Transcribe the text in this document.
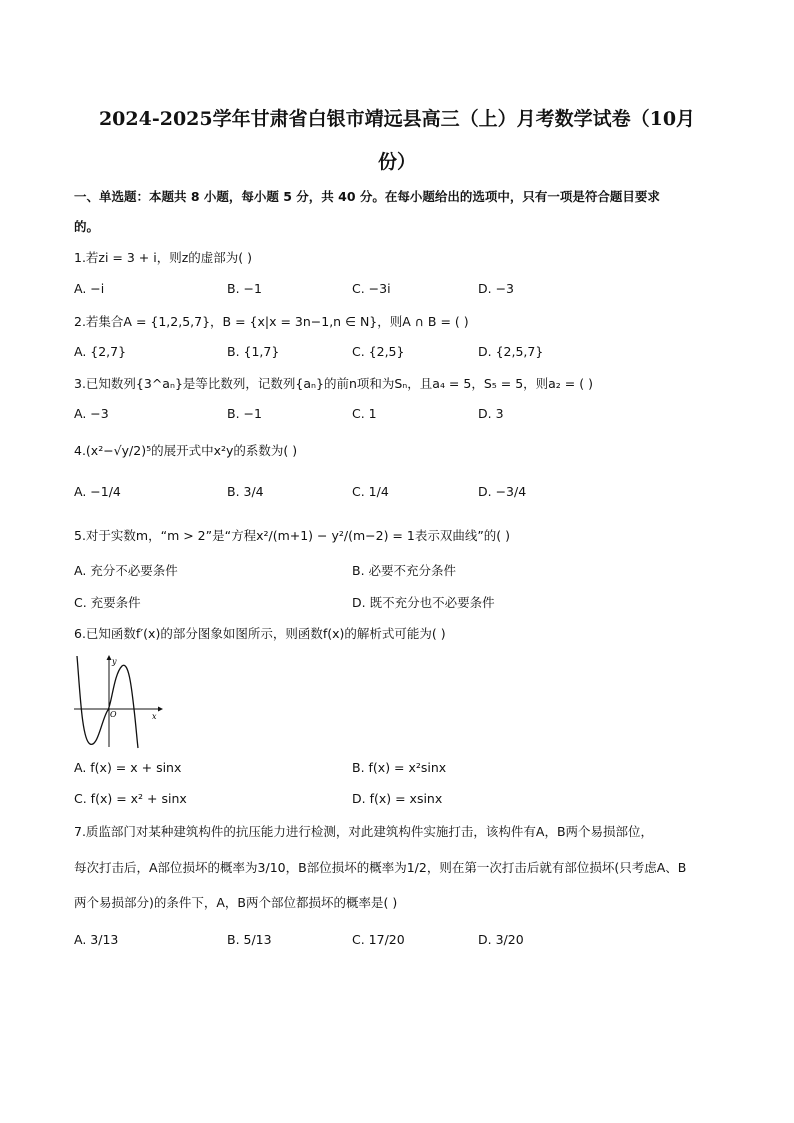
2024-2025学年甘肃省白银市靖远县高三（上）月考数学试卷（10月
份）
一、单选题：本题共 8 小题，每小题 5 分，共 40 分。在每小题给出的选项中，只有一项是符合题目要求
的。
1.若zi = 3 + i，则z的虚部为( )
A. −i	B. −1	C. −3i	D. −3
2.若集合A = {1,2,5,7}，B = {x|x = 3n−1,n ∈ N}，则A ∩ B = ( )
A. {2,7}	B. {1,7}	C. {2,5}	D. {2,5,7}
3.已知数列{3^aₙ}是等比数列，记数列{aₙ}的前n项和为Sₙ，且a₄ = 5，S₅ = 5，则a₂ = ( )
A. −3	B. −1	C. 1	D. 3
4.(x²−√y/2)⁵的展开式中x²y的系数为( )
A. −1/4	B. 3/4	C. 1/4	D. −3/4
5.对于实数m，“m > 2”是“方程x²/(m+1) − y²/(m−2) = 1表示双曲线”的( )
A. 充分不必要条件	B. 必要不充分条件
C. 充要条件	D. 既不充分也不必要条件
6.已知函数f′(x)的部分图象如图所示，则函数f(x)的解析式可能为( )
y
x
O
A. f(x) = x + sinx	B. f(x) = x²sinx
C. f(x) = x² + sinx	D. f(x) = xsinx
7.质监部门对某种建筑构件的抗压能力进行检测，对此建筑构件实施打击，该构件有A，B两个易损部位，
每次打击后，A部位损坏的概率为3/10，B部位损坏的概率为1/2，则在第一次打击后就有部位损坏(只考虑A、B
两个易损部分)的条件下，A，B两个部位都损坏的概率是( )
A. 3/13	B. 5/13	C. 17/20	D. 3/20
